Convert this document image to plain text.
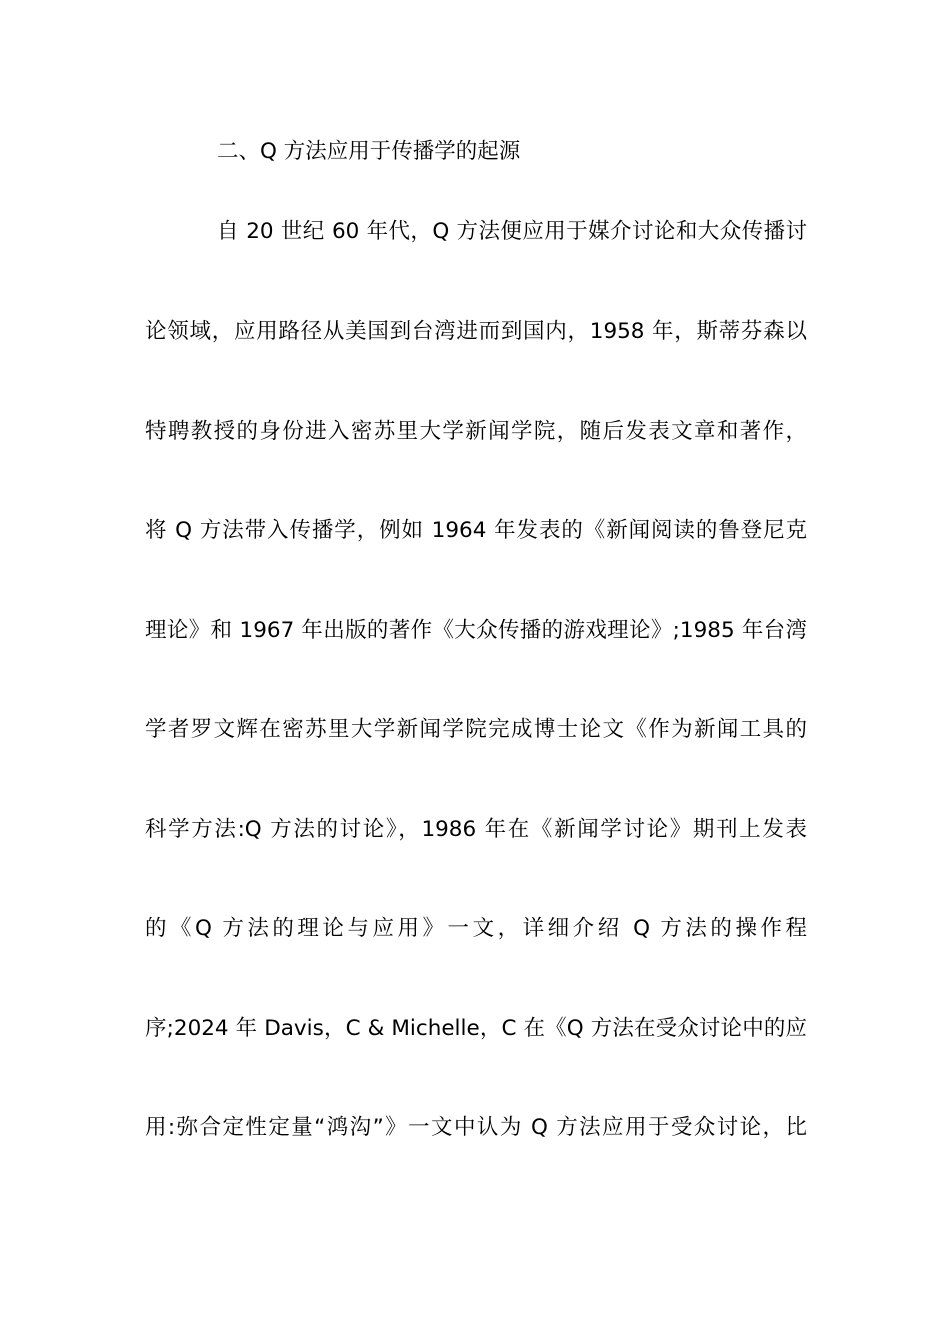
二、Q 方法应用于传播学的起源
自 20 世纪 60 年代，Q 方法便应用于媒介讨论和大众传播讨
论领域，应用路径从美国到台湾进而到国内，1958 年，斯蒂芬森以
特聘教授的身份进入密苏里大学新闻学院，随后发表文章和著作，
将 Q 方法带入传播学，例如 1964 年发表的《新闻阅读的鲁登尼克
理论》和 1967 年出版的著作《大众传播的游戏理论》;1985 年台湾
学者罗文辉在密苏里大学新闻学院完成博士论文《作为新闻工具的
科学方法:Q 方法的讨论》，1986 年在《新闻学讨论》期刊上发表
的《Q 方法的理论与应用》一文，详细介绍 Q 方法的操作程
序;2024 年 Davis，C & Michelle，C 在《Q 方法在受众讨论中的应
用:弥合定性定量“鸿沟”》一文中认为 Q 方法应用于受众讨论，比
